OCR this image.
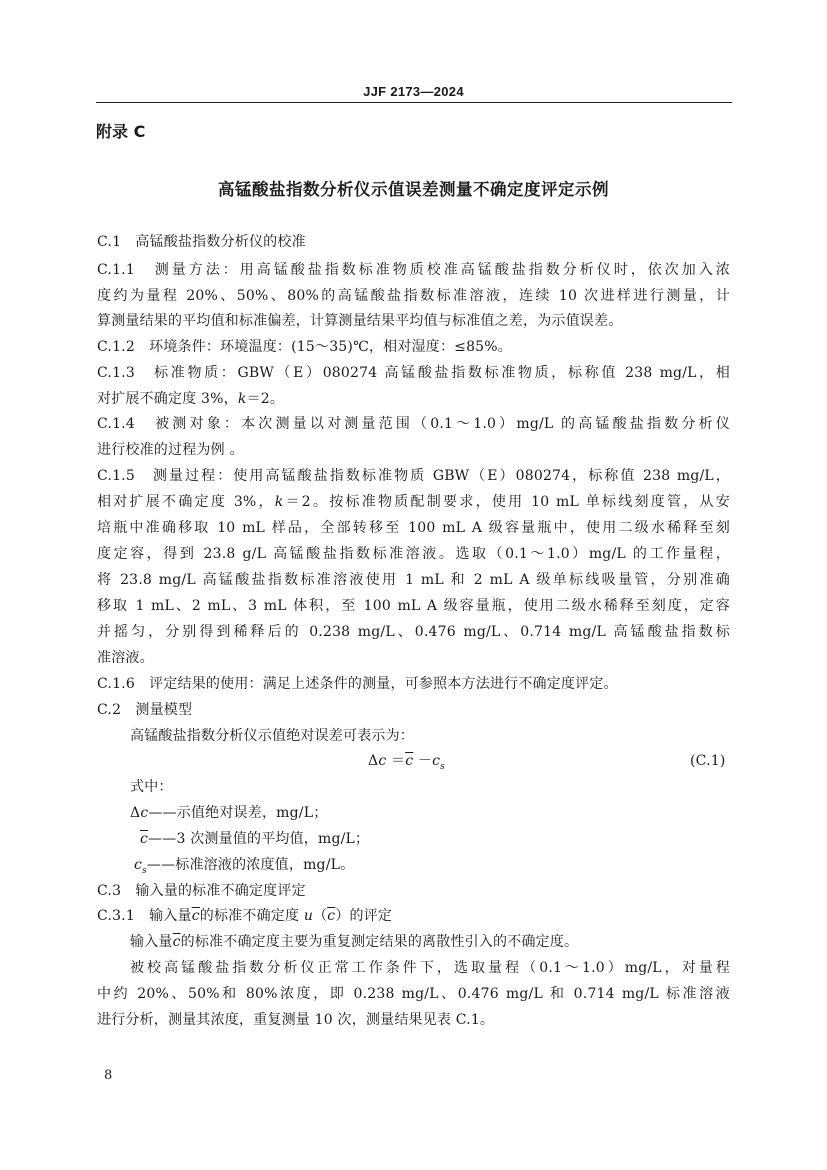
JJF 2173—2024
附录 C
高锰酸盐指数分析仪示值误差测量不确定度评定示例
C.1　高锰酸盐指数分析仪的校准
C.1.1　测量方法：用高锰酸盐指数标准物质校准高锰酸盐指数分析仪时，依次加入浓
度约为量程 20%、50%、80%的高锰酸盐指数标准溶液，连续 10 次进样进行测量，计
算测量结果的平均值和标准偏差，计算测量结果平均值与标准值之差，为示值误差。
C.1.2　环境条件：环境温度：(15～35)℃，相对湿度：≤85%。
C.1.3　标准物质：GBW（E）080274 高锰酸盐指数标准物质，标称值 238 mg/L，相
对扩展不确定度 3%，k＝2。
C.1.4　被测对象：本次测量以对测量范围（0.1～1.0）mg/L 的高锰酸盐指数分析仪
进行校准的过程为例 。
C.1.5　测量过程：使用高锰酸盐指数标准物质 GBW（E）080274，标称值 238 mg/L，
相对扩展不确定度 3%，k＝2。按标准物质配制要求，使用 10 mL 单标线刻度管，从安
培瓶中准确移取 10 mL 样品，全部转移至 100 mL A 级容量瓶中，使用二级水稀释至刻
度定容，得到 23.8 g/L 高锰酸盐指数标准溶液。选取（0.1～1.0）mg/L 的工作量程，
将 23.8 mg/L 高锰酸盐指数标准溶液使用 1 mL 和 2 mL A 级单标线吸量管，分别准确
移取 1 mL、2 mL、3 mL 体积，至 100 mL A 级容量瓶，使用二级水稀释至刻度，定容
并摇匀，分别得到稀释后的 0.238 mg/L、0.476 mg/L、0.714 mg/L 高锰酸盐指数标
准溶液。
C.1.6　评定结果的使用：满足上述条件的测量，可参照本方法进行不确定度评定。
C.2　测量模型
高锰酸盐指数分析仪示值绝对误差可表示为：
$\Delta c =\overline{c} -c_s$	(C.1)
式中：
Δc——示值绝对误差，mg/L；
$\overline{c}——3$ 次测量值的平均值，mg/L；
$c_s——$标准溶液的浓度值，mg/L。
C.3　输入量的标准不确定度评定
C.3.1　输入量$\overline{c}$的标准不确定度 $u(\overline{c})$的评定
输入量$\overline{c}$的标准不确定度主要为重复测定结果的离散性引入的不确定度。
被校高锰酸盐指数分析仪正常工作条件下，选取量程（0.1～1.0）mg/L，对量程
中约 20%、50%和 80%浓度，即 0.238 mg/L、0.476 mg/L 和 0.714 mg/L 标准溶液
进行分析，测量其浓度，重复测量 10 次，测量结果见表 C.1。
8
